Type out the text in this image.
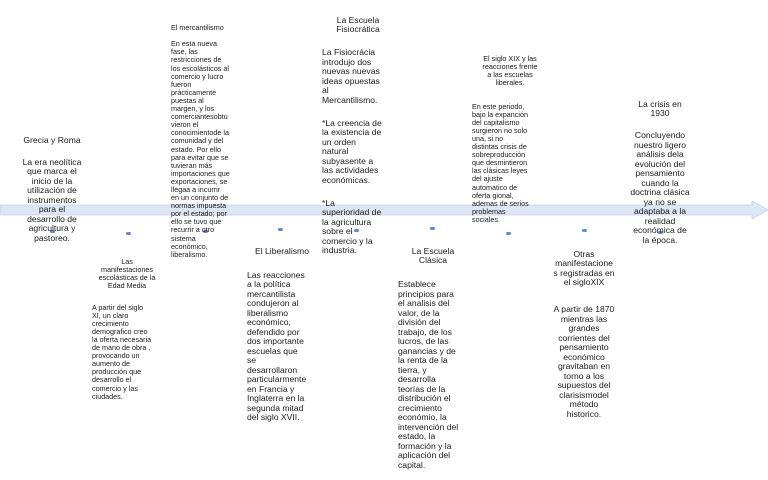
Grecia y Roma

La era neolítica
que marca el
inicio de la
utilización de
instrumentos
para el
desarrollo de
agricultura y
pastoreo.

Las
manifestaciones
escolásticas de la
Edad Media

A partir del siglo
XI, un claro
crecimiento
demografico creo
la oferta necesaria
de mano de obra ,
provocando un
aumento de
producción que
desarrollo el
comercio y las
ciudades.

El mercantilismo

En esta nueva
fase, las
restricciones de
los escolásticos al
comercio y lucro
fueron
prácticamente
puestas al
margen, y los
comerciantesobtu
vieron el
conocimientode la
comunidad y del
estado. Por ello
para evitar que se
tuvieran más
importaciones que
exportaciones, se
llegaa a incurrir
en un conjunto de
normas impuesta
por el estado; por
ello se tuvo que
recurrir a otro
sistema
económico,
liberalismo.	El Liberalismo

Las reacciones
a la política
mercantilista
condujeron al
liberalismo
económico,
defendido por
dos importante
escuelas que
se
desarrollaron
particularmente
en Francia y
Inglaterra en la
segunda mitad
del siglo XVII.

La Escuela
Fisiocrática

La Fisiocrácia
introdujo dos
nuevas nuevas
ideas opuestas
al
Mercantilismo.

*La creencia de
la existencia de
un orden
natural
subyasente a
las actividades
económicas.

*La
superioridad de
la agricultura
sobre el
comercio y la
industria.	La Escuela
Clásica

Establece
principios para
el analisis del
valor, de la
división del
trabajo, de los
lucros, de las
ganancias y de
la renta de la
tierra, y
desarrolla
teorías de la
distribución el
crecimiento
económio, la
intervención del
estado, la
formación y la
aplicación del
capital.

El siglo XIX y las
reacciones frente
a las escuelas
liberales.

En este periodo,
bajo la expanción
del capitalismo
surgieron no solo
una, si no
distintas crisis de
sobreproducción
que desmintieron
las clásicas leyes
del ajuste
automatico de
oferta gional,
ademas de serios
problemas
sociales.

Otras
manifestacione
s registradas en
el sigloXIX

A partir de 1870
mientras las
grandes
corrientes del
pensamiento
económico
gravitaban en
torno a los
supuestos del
clarisismodel
método
historico.

La crisis en
1930

Concluyendo
nuestro ligero
análisis dela
evolución del
pensamiento
cuando la
doctrina clásica
ya no se
adaptaba a la
realidad
económica de
la época.
